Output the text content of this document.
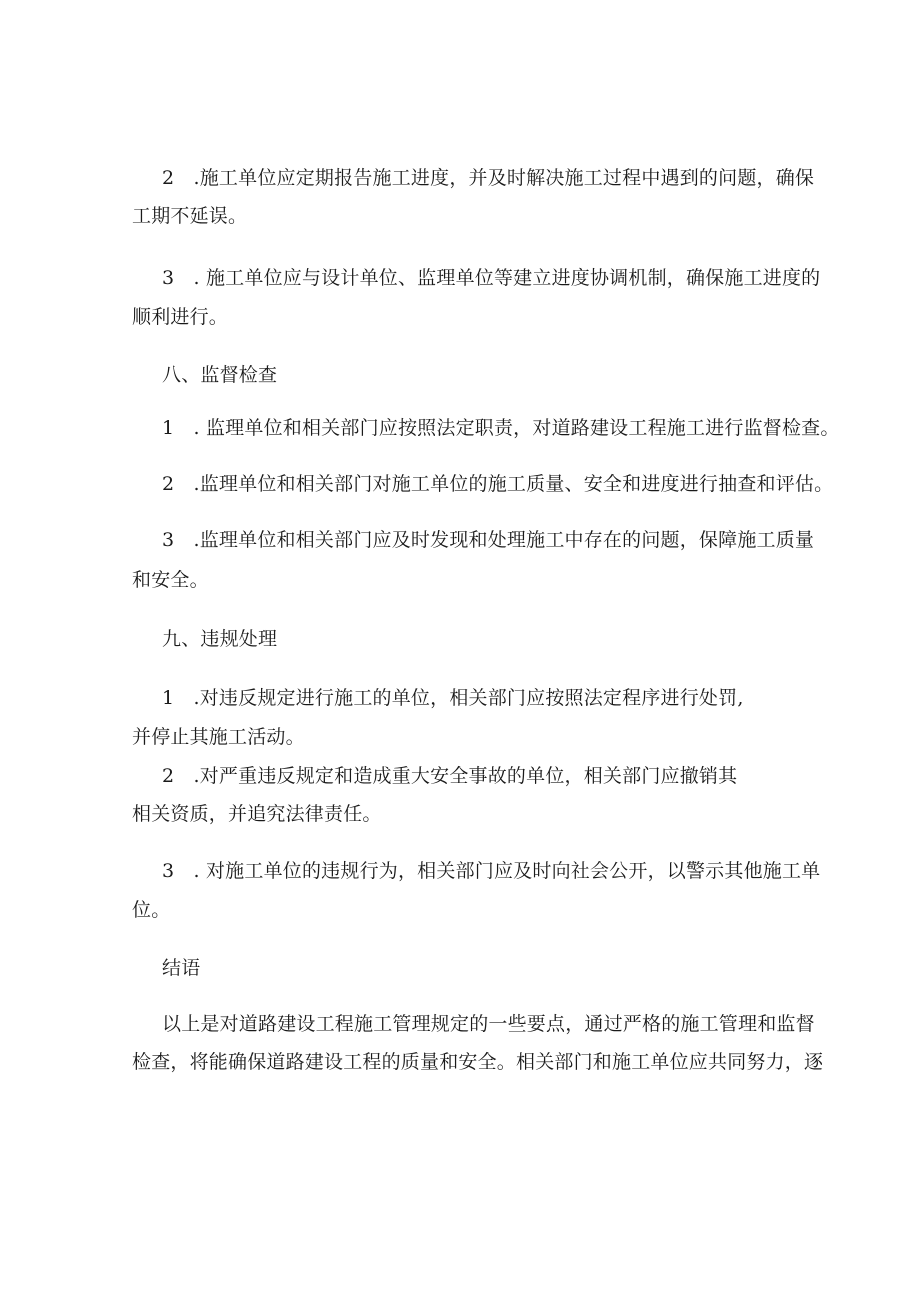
2　.施工单位应定期报告施工进度，并及时解决施工过程中遇到的问题，确保
工期不延误。
3　. 施工单位应与设计单位、监理单位等建立进度协调机制，确保施工进度的
顺利进行。
八、监督检查
1　. 监理单位和相关部门应按照法定职责，对道路建设工程施工进行监督检查。
2　.监理单位和相关部门对施工单位的施工质量、安全和进度进行抽查和评估。
3　.监理单位和相关部门应及时发现和处理施工中存在的问题，保障施工质量
和安全。
九、违规处理
1　.对违反规定进行施工的单位，相关部门应按照法定程序进行处罚,
并停止其施工活动。
2　.对严重违反规定和造成重大安全事故的单位，相关部门应撤销其
相关资质，并追究法律责任。
3　. 对施工单位的违规行为，相关部门应及时向社会公开，以警示其他施工单
位。
结语
以上是对道路建设工程施工管理规定的一些要点，通过严格的施工管理和监督
检查，将能确保道路建设工程的质量和安全。相关部门和施工单位应共同努力，逐
